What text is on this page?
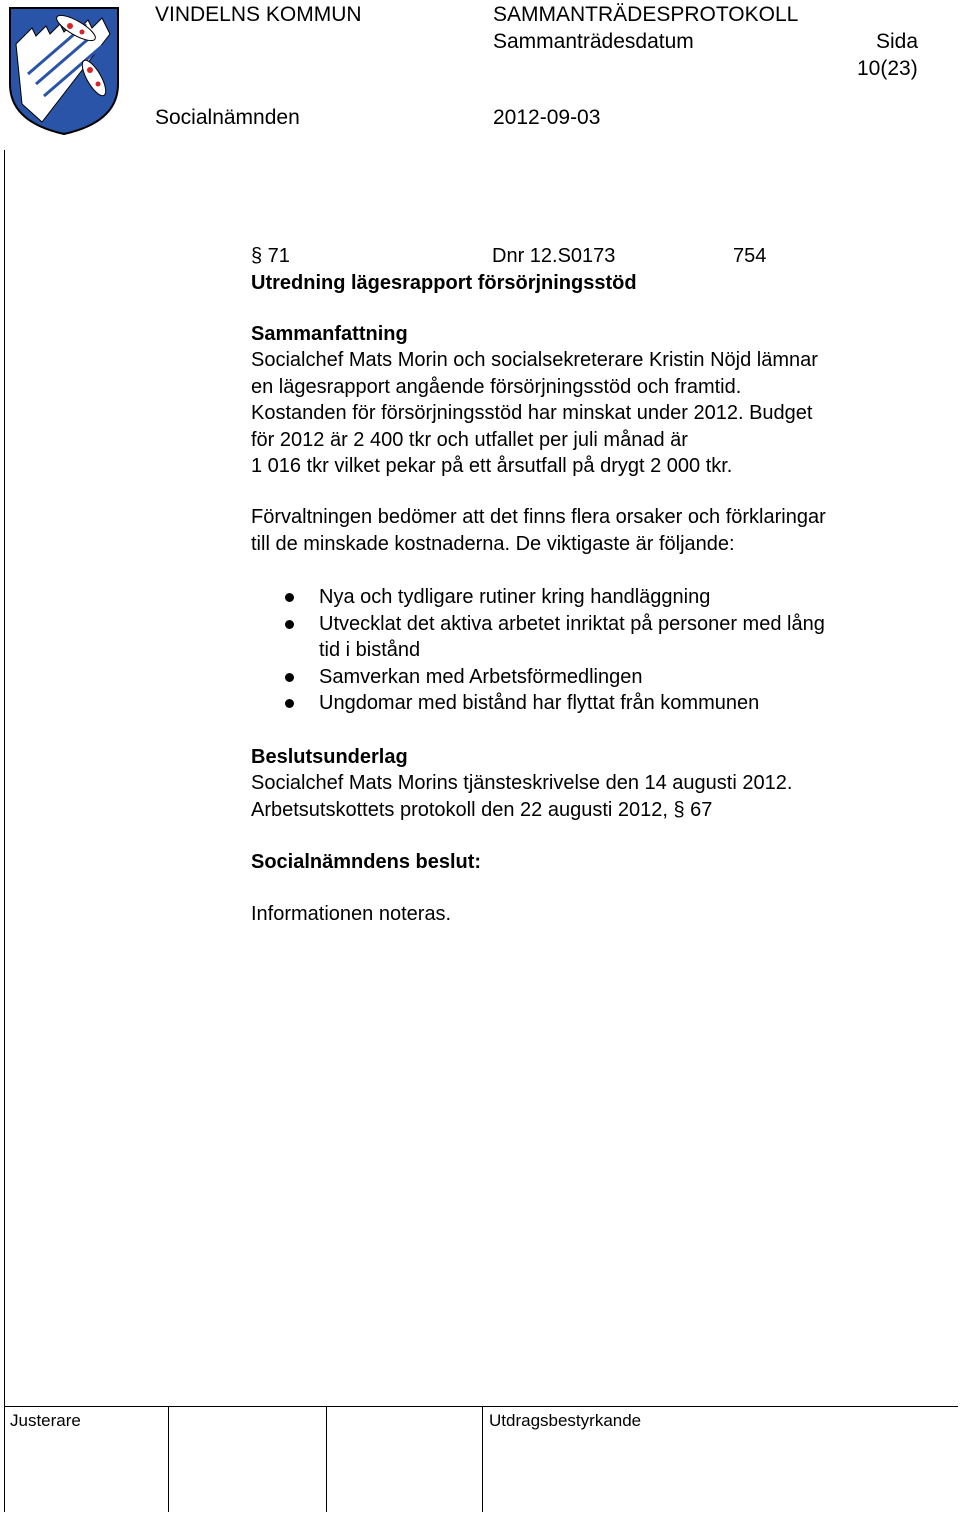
VINDELNS KOMMUN	SAMMANTRÄDESPROTOKOLL
Sammanträdesdatum	Sida
10(23)
Socialnämnden	2012-09-03
§ 71	Dnr 12.S0173	754
Utredning lägesrapport försörjningsstöd
Sammanfattning
Socialchef Mats Morin och socialsekreterare Kristin Nöjd lämnar
en lägesrapport angående försörjningsstöd och framtid.
Kostanden för försörjningsstöd har minskat under 2012. Budget
för 2012 är 2 400 tkr och utfallet per juli månad är
1 016 tkr vilket pekar på ett årsutfall på drygt 2 000 tkr.
Förvaltningen bedömer att det finns flera orsaker och förklaringar
till de minskade kostnaderna. De viktigaste är följande:
Nya och tydligare rutiner kring handläggning
Utvecklat det aktiva arbetet inriktat på personer med lång
tid i bistånd
Samverkan med Arbetsförmedlingen
Ungdomar med bistånd har flyttat från kommunen
Beslutsunderlag
Socialchef Mats Morins tjänsteskrivelse den 14 augusti 2012.
Arbetsutskottets protokoll den 22 augusti 2012, § 67
Socialnämndens beslut:
Informationen noteras.
Justerare	Utdragsbestyrkande
